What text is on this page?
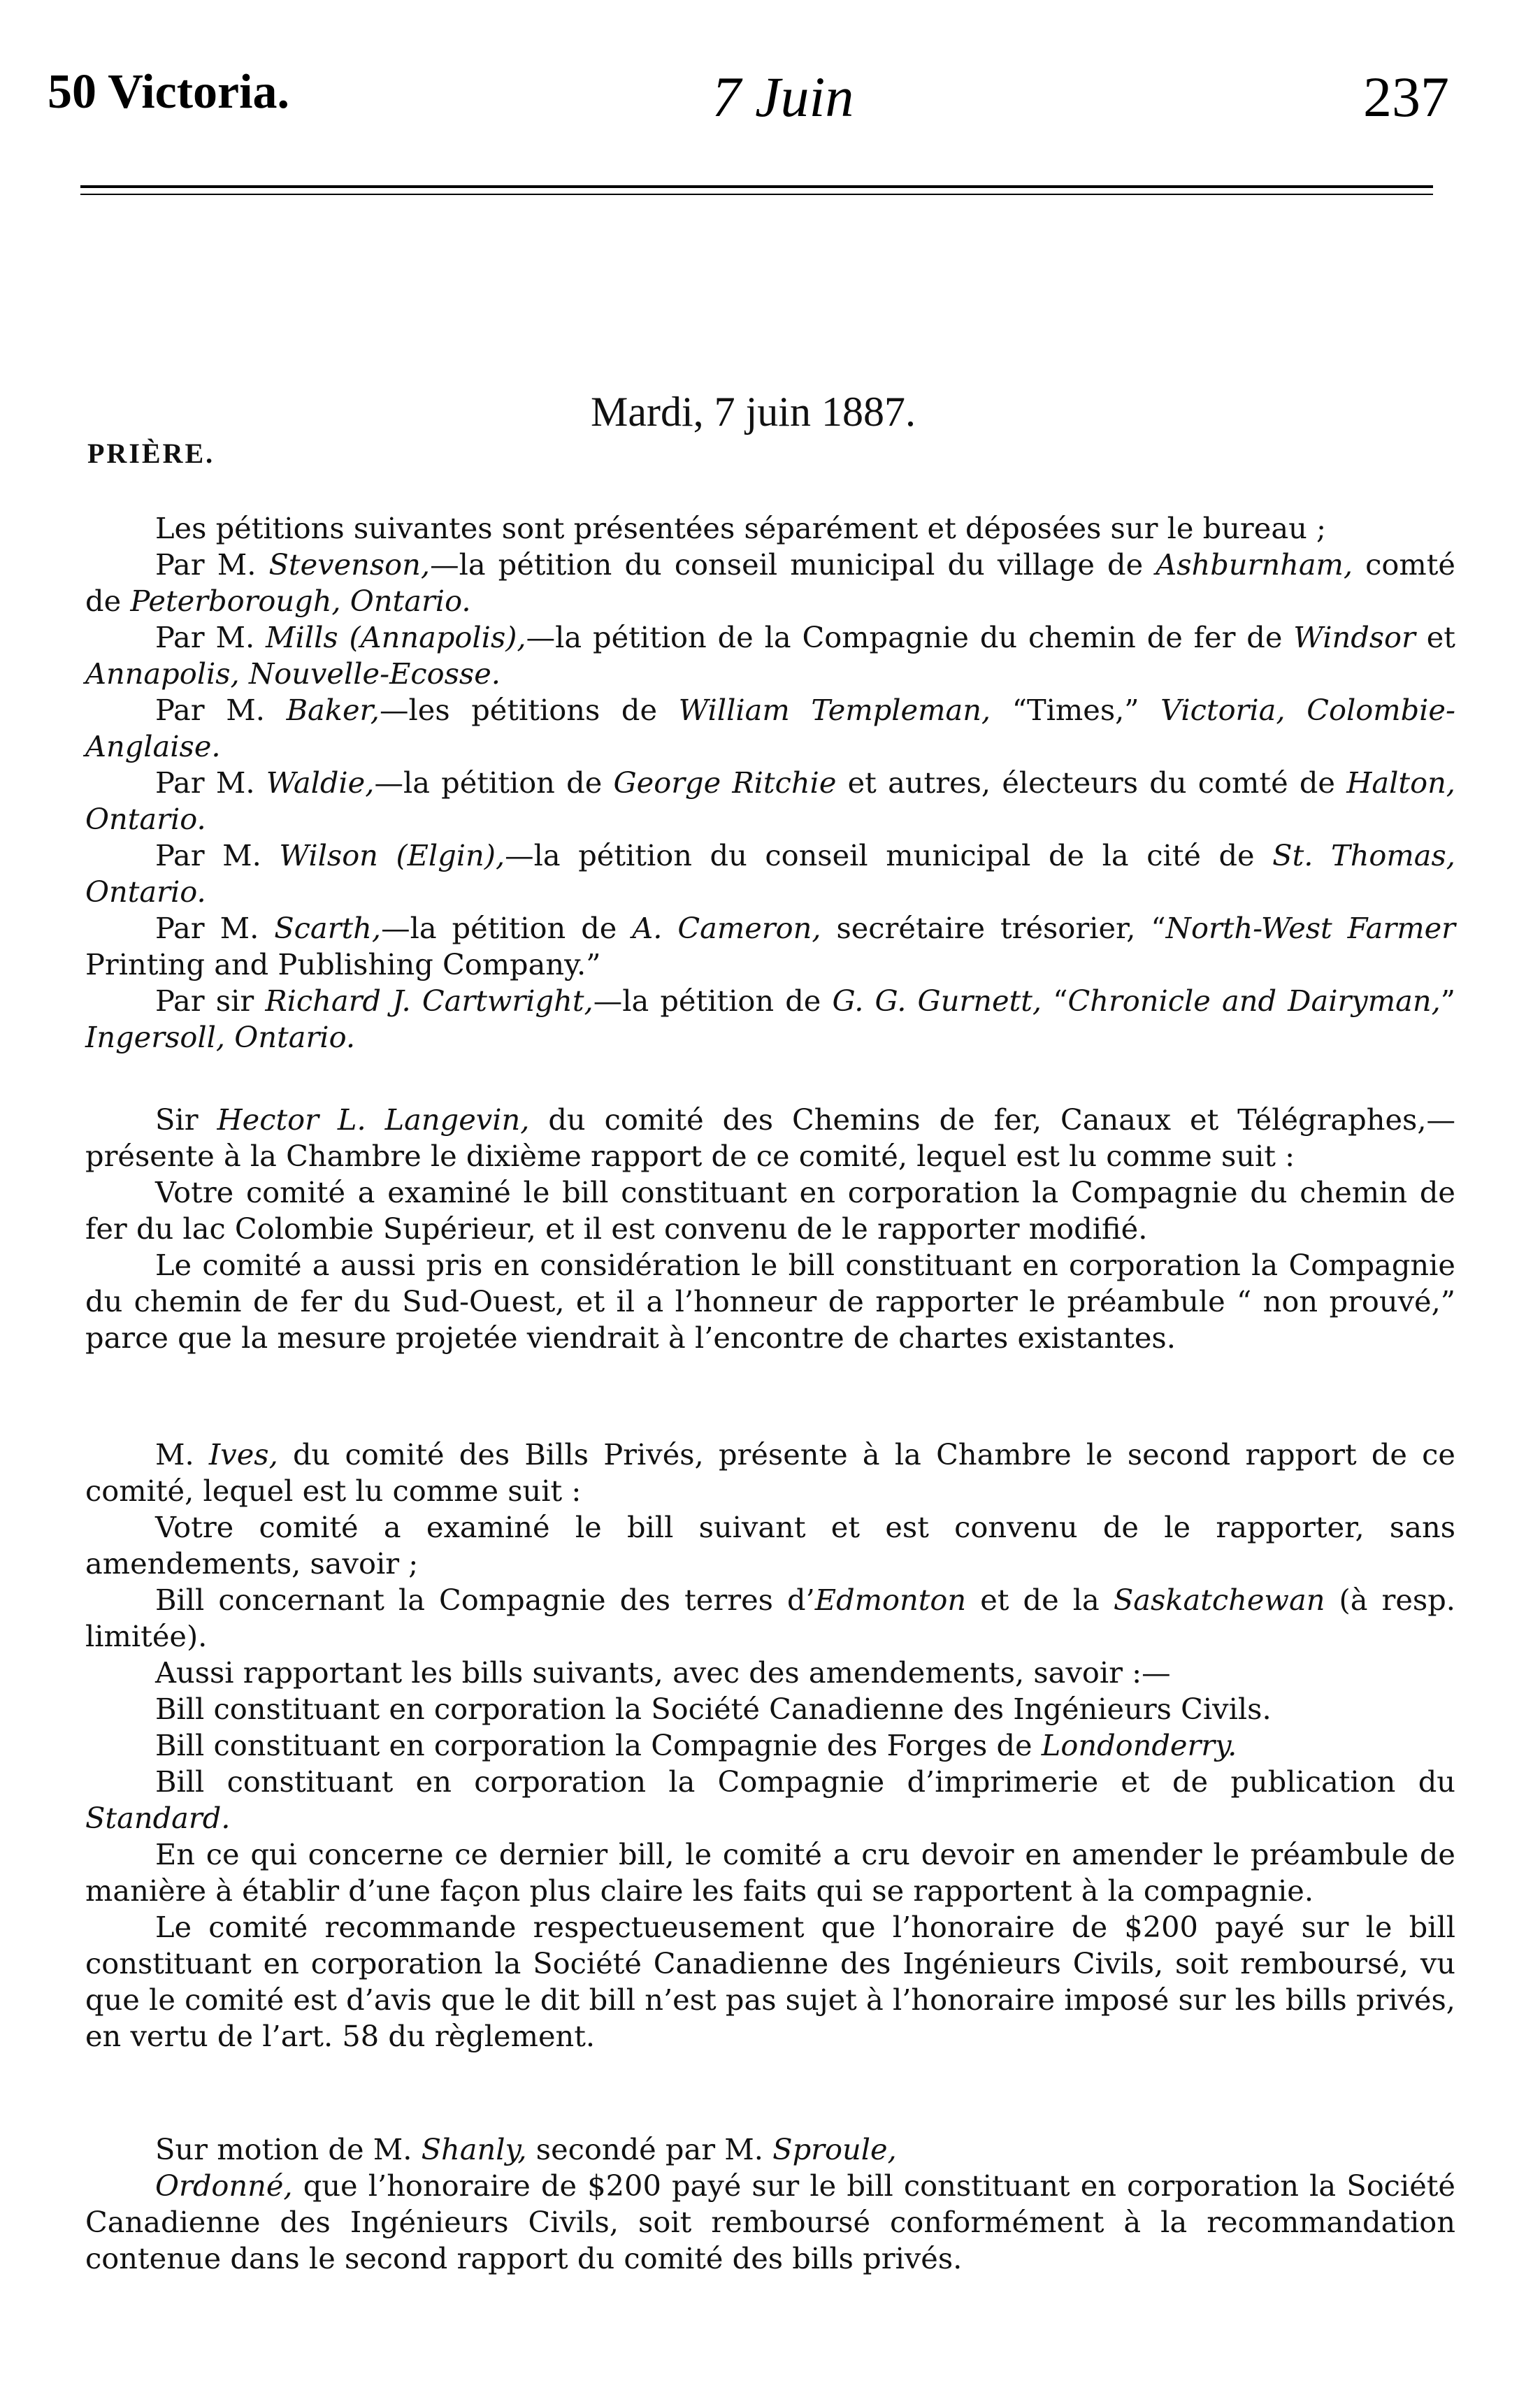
50 Victoria.	7 Juin	237
Mardi, 7 juin 1887.
PRIÈRE.

Les pétitions suivantes sont présentées séparément et déposées sur le bureau ;

Par M. Stevenson,—la pétition du conseil municipal du village de Ashburnham, comté de Peterborough, Ontario.

Par M. Mills (Annapolis),—la pétition de la Compagnie du chemin de fer de Windsor et Annapolis, Nouvelle-Ecosse.

Par M. Baker,—les pétitions de William Templeman, “Times,” Victoria, Colombie-Anglaise.

Par M. Waldie,—la pétition de George Ritchie et autres, électeurs du comté de Halton, Ontario.

Par M. Wilson (Elgin),—la pétition du conseil municipal de la cité de St. Thomas, Ontario.

Par M. Scarth,—la pétition de A. Cameron, secrétaire trésorier, “North-West Farmer Printing and Publishing Company.”

Par sir Richard J. Cartwright,—la pétition de G. G. Gurnett, “Chronicle and Dairyman,” Ingersoll, Ontario.

Sir Hector L. Langevin, du comité des Chemins de fer, Canaux et Télégraphes,—présente à la Chambre le dixième rapport de ce comité, lequel est lu comme suit :

Votre comité a examiné le bill constituant en corporation la Compagnie du chemin de fer du lac Colombie Supérieur, et il est convenu de le rapporter modifié.

Le comité a aussi pris en considération le bill constituant en corporation la Compagnie du chemin de fer du Sud-Ouest, et il a l’honneur de rapporter le préambule “ non prouvé,” parce que la mesure projetée viendrait à l’encontre de chartes existantes.

M. Ives, du comité des Bills Privés, présente à la Chambre le second rapport de ce comité, lequel est lu comme suit :

Votre comité a examiné le bill suivant et est convenu de le rapporter, sans amendements, savoir ;

Bill concernant la Compagnie des terres d’Edmonton et de la Saskatchewan (à resp. limitée).

Aussi rapportant les bills suivants, avec des amendements, savoir :—

Bill constituant en corporation la Société Canadienne des Ingénieurs Civils.

Bill constituant en corporation la Compagnie des Forges de Londonderry.

Bill constituant en corporation la Compagnie d’imprimerie et de publication du Standard.

En ce qui concerne ce dernier bill, le comité a cru devoir en amender le préambule de manière à établir d’une façon plus claire les faits qui se rapportent à la compagnie.

Le comité recommande respectueusement que l’honoraire de $200 payé sur le bill constituant en corporation la Société Canadienne des Ingénieurs Civils, soit remboursé, vu que le comité est d’avis que le dit bill n’est pas sujet à l’honoraire imposé sur les bills privés, en vertu de l’art. 58 du règlement.

Sur motion de M. Shanly, secondé par M. Sproule,

Ordonné, que l’honoraire de $200 payé sur le bill constituant en corporation la Société Canadienne des Ingénieurs Civils, soit remboursé conformément à la recommandation contenue dans le second rapport du comité des bills privés.
